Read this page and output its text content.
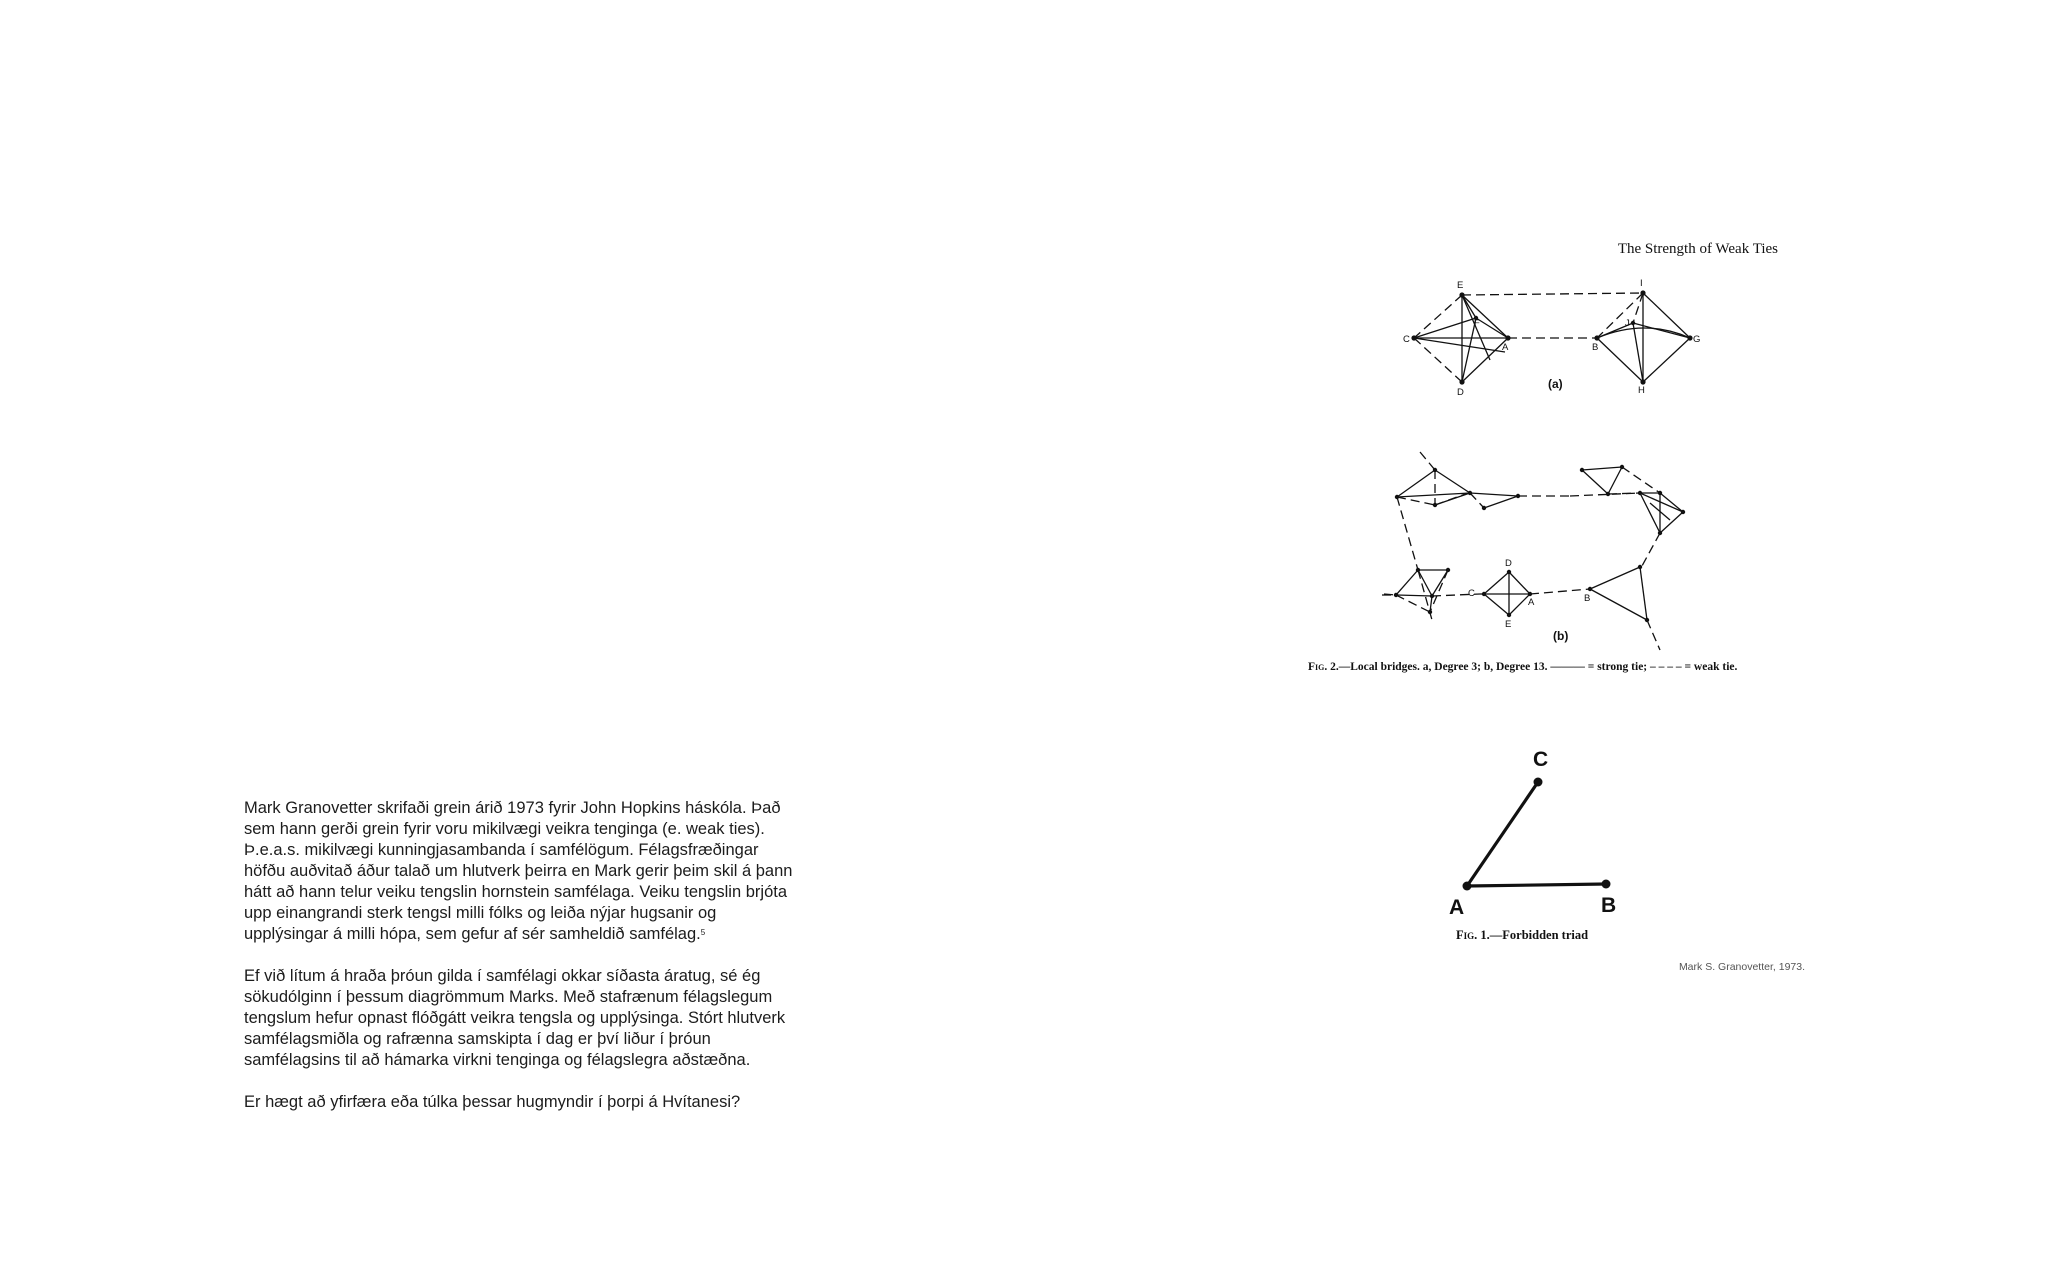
Mark Granovetter skrifaði grein árið 1973 fyrir John Hopkins háskóla. Það sem hann gerði grein fyrir voru mikilvægi veikra tenginga (e. weak ties). Þ.e.a.s. mikilvægi kunningjasambanda í samfélögum. Félagsfræðingar höfðu auðvitað áður talað um hlutverk þeirra en Mark gerir þeim skil á þann hátt að hann telur veiku tengslin hornstein samfélaga. Veiku tengslin brjóta upp einangrandi sterk tengsl milli fólks og leiða nýjar hugsanir og upplýsingar á milli hópa, sem gefur af sér samheldið samfélag.$^5$

Ef við lítum á hraða þróun gilda í samfélagi okkar síðasta áratug, sé ég sökudólginn í þessum diagrömmum Marks. Með stafrænum félagslegum tengslum hefur opnast flóðgátt veikra tengsla og upplýsinga. Stórt hlutverk samfélagsmiðla og rafrænna samskipta í dag er því liður í þróun samfélagsins til að hámarka virkni tenginga og félagslegra aðstæðna.

Er hægt að yfirfæra eða túlka þessar hugmyndir í þorpi á Hvítanesi?

The Strength of Weak Ties
E	I
C
F
A	B
J
G
D	H
(a)
D
C
A
E
B
(b)
C
A	B
Fig. 2.—Local bridges. a, Degree 3; b, Degree 13. ——— = strong tie; – – – – = weak tie.
Fig. 1.—Forbidden triad
Mark S. Granovetter, 1973.
